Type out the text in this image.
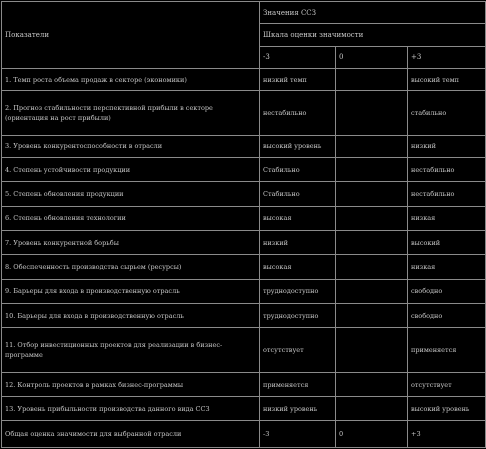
Показатели	Значения ССЗ		
	Шкала оценки значимости		
	-3	0	+3
1. Темп роста объема продаж в секторе (экономики)	низкий темп		высокий темп
2. Прогноз стабильности перспективной прибыли в секторе (ориентация на рост прибыли)	нестабильно		стабильно
3. Уровень конкурентоспособности в отрасли	высокий уровень		низкий
4. Степень устойчивости продукции	Стабильно		нестабильно
5. Степень обновления продукции	Стабильно		нестабильно
6. Степень обновления технологии	высокая		низкая
7. Уровень конкурентной борьбы	низкий		высокий
8. Обеспеченность производства сырьем (ресурсы)	высокая		низкая
9. Барьеры для входа в производственную отрасль	труднодоступно		свободно
10. Барьеры для входа в производственную отрасль	труднодоступно		свободно
11. Отбор инвестиционных проектов для реализации в бизнес-программе	отсутствует		применяется
12. Контроль проектов в рамках бизнес-программы	применяется		отсутствует
13. Уровень прибыльности производства данного вида ССЗ	низкий уровень		высокий уровень
Общая оценка значимости для выбранной отрасли	-3	0	+3
